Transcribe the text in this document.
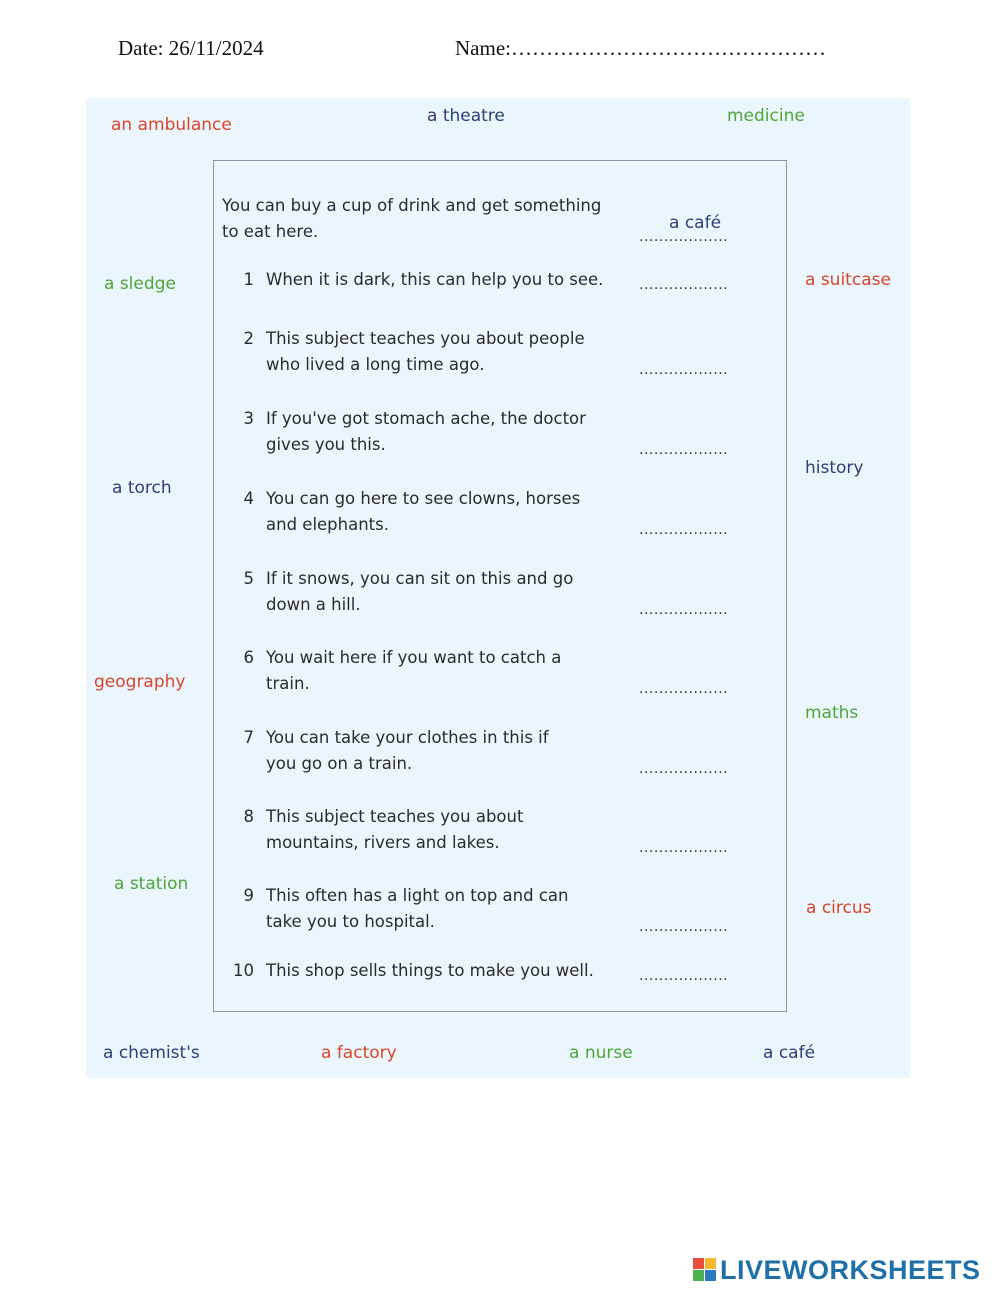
Date: 26/11/2024	Name:………………………………………
an ambulance	a theatre	medicine
a sledge	a suitcase
a torch
history
geography
maths
a station
a circus
a chemist's	a factory	a nurse	a café
You can buy a cup of drink and get something
to eat here.	a café
..................
1 When it is dark, this can help you to see.	..................
2 This subject teaches you about people
who lived a long time ago.	..................
3 If you've got stomach ache, the doctor
gives you this.	..................
4 You can go here to see clowns, horses
and elephants.	..................
5 If it snows, you can sit on this and go
down a hill.	..................
6 You wait here if you want to catch a
train.	..................
7 You can take your clothes in this if
you go on a train.	..................
8 This subject teaches you about
mountains, rivers and lakes.	..................
9 This often has a light on top and can
take you to hospital.	..................
10 This shop sells things to make you well.	..................
LIVEWORKSHEETS
